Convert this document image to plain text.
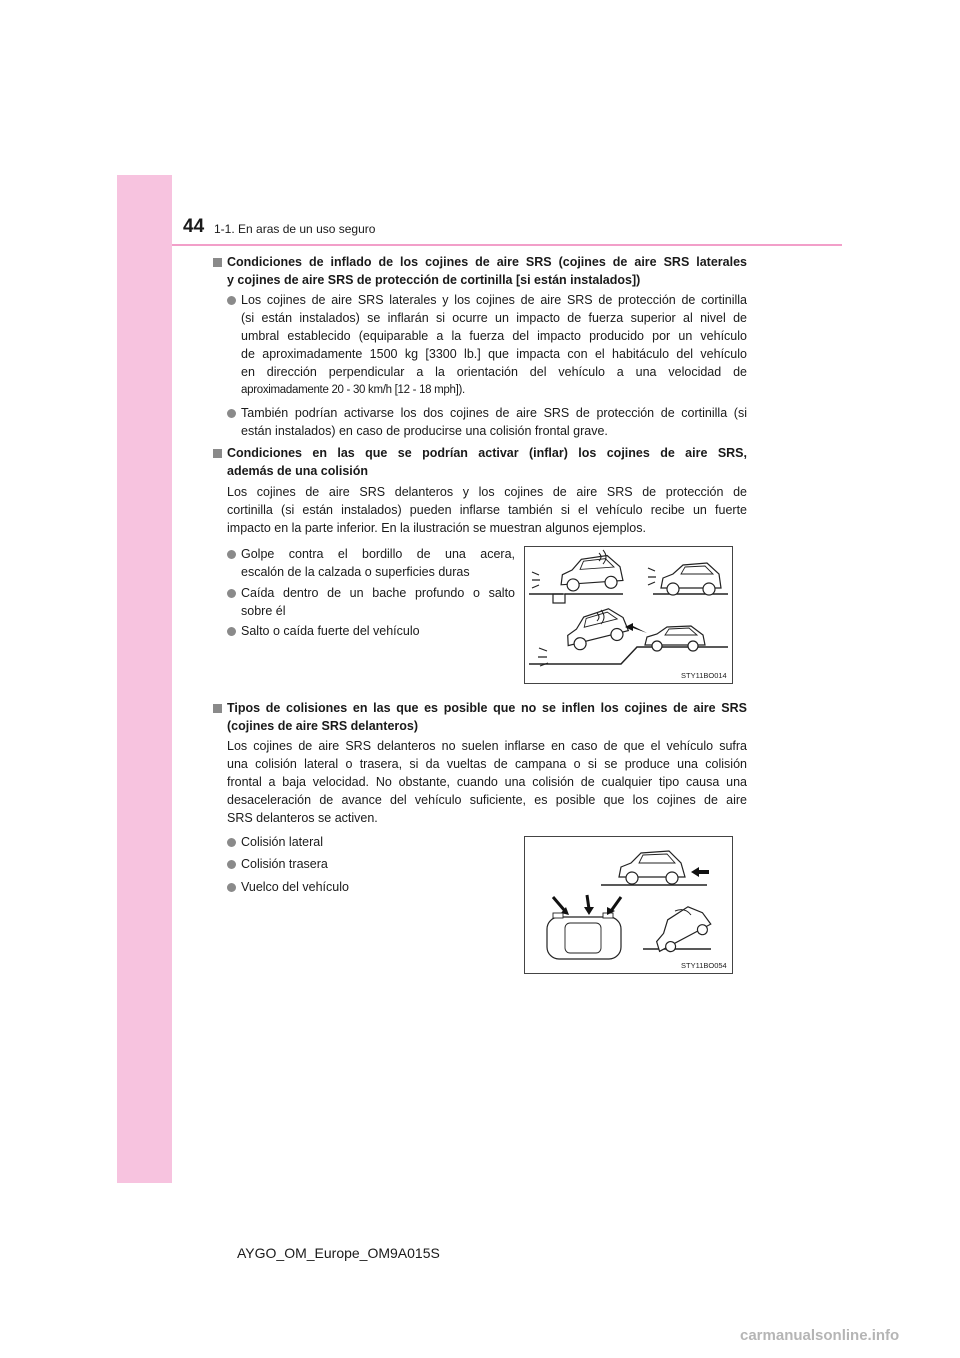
44 1-1. En aras de un uso seguro
Condiciones de inflado de los cojines de aire SRS (cojines de aire SRS laterales
y cojines de aire SRS de protección de cortinilla [si están instalados])
Los cojines de aire SRS laterales y los cojines de aire SRS de protección de cortinilla
(si están instalados) se inflarán si ocurre un impacto de fuerza superior al nivel de
umbral establecido (equiparable a la fuerza del impacto producido por un vehículo
de aproximadamente 1500 kg [3300 lb.] que impacta con el habitáculo del vehículo
en dirección perpendicular a la orientación del vehículo a una velocidad de
aproximadamente 20 - 30 km/h [12 - 18 mph]).
También podrían activarse los dos cojines de aire SRS de protección de cortinilla (si
están instalados) en caso de producirse una colisión frontal grave.
Condiciones en las que se podrían activar (inflar) los cojines de aire SRS,
además de una colisión
Los cojines de aire SRS delanteros y los cojines de aire SRS de protección de
cortinilla (si están instalados) pueden inflarse también si el vehículo recibe un fuerte
impacto en la parte inferior. En la ilustración se muestran algunos ejemplos.
Golpe contra el bordillo de una acera,
escalón de la calzada o superficies duras
Caída dentro de un bache profundo o salto
sobre él
Salto o caída fuerte del vehículo
STY11BO014
Tipos de colisiones en las que es posible que no se inflen los cojines de aire SRS
(cojines de aire SRS delanteros)
Los cojines de aire SRS delanteros no suelen inflarse en caso de que el vehículo sufra
una colisión lateral o trasera, si da vueltas de campana o si se produce una colisión
frontal a baja velocidad. No obstante, cuando una colisión de cualquier tipo causa una
desaceleración de avance del vehículo suficiente, es posible que los cojines de aire
SRS delanteros se activen.
Colisión lateral
Colisión trasera
Vuelco del vehículo
STY11BO054
AYGO_OM_Europe_OM9A015S
carmanualsonline.info
